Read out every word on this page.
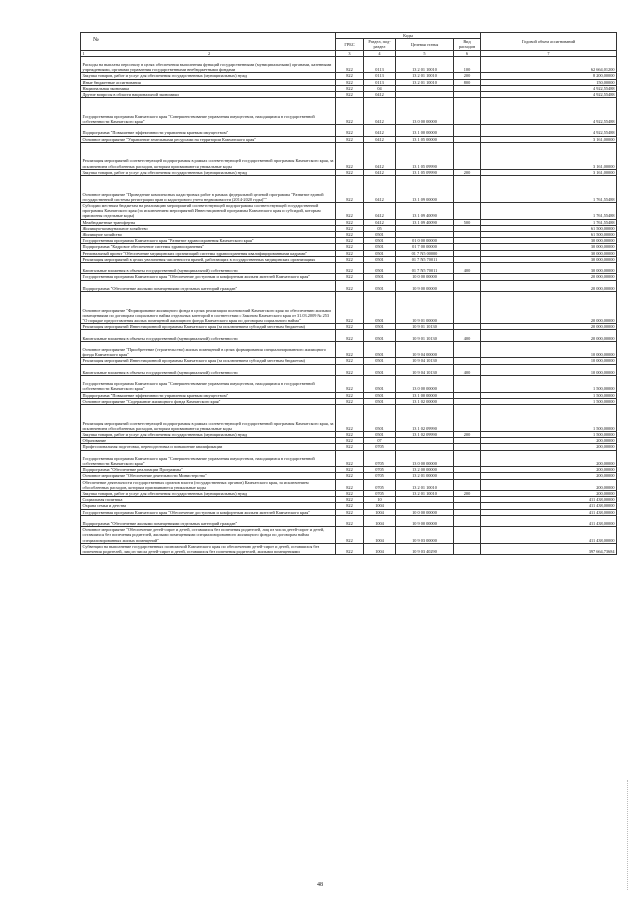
№
	Коды				Годовой объем ассигнований
	ГРБС	Раздел, под-раздел	Целевая статья	Вид расходов	

1 2	3	4	5	6	7
Расходы на выплаты персоналу в целях обеспечения выполнения функций государственными (муниципальными) органами, казенными учреждениями, органами управления государственными внебюджетными фондами	822	0113	13 2 01 10010	100	62 664,01200
Закупка товаров, работ и услуг для обеспечения государственных (муниципальных) нужд	822	0113	13 2 01 10010	200	8 200,00000
Иные бюджетные ассигнования	822	0113	13 2 01 10010	800	150,00000
Национальная экономика	822	04			4 922,55488
Другие вопросы в области национальной экономики	822	0412			4 922,55488
Государственная программа Камчатского края "Совершенствование управления имуществом, находящимся в государственной собственности Камчатского края"	822	0412	13 0 00 00000		4 922,55488
Подпрограмма "Повышение эффективности управления краевым имуществом"	822	0412	13 1 00 00000		4 922,55488
Основное мероприятие "Управление земельными ресурсами на территории Камчатского края"	822	0412	13 1 05 00000		3 161,00000
Реализация мероприятий соответствующей подпрограммы в рамках соответствующей государственной программы Камчатского края, за исключением обособленных расходов, которым присваиваются уникальные коды	822	0412	13 1 05 09990		3 161,00000
Закупка товаров, работ и услуг для обеспечения государственных (муниципальных) нужд	822	0412	13 1 05 09990	200	3 161,00000
Основное мероприятие "Проведение комплексных кадастровых работ в рамках федеральной целевой программы "Развитие единой государственной системы регистрации прав и кадастрового учета недвижимости (2014-2020 годы)""	822	0412	13 1 09 00000		1 761,55488
Субсидии местным бюджетам на реализацию мероприятий соответствующей подпрограммы соответствующей государственной программы Камчатского края (за исключением мероприятий Инвестиционной программы Камчатского края и субсидий, которым присвоены отдельные коды)	822	0412	13 1 09 40090		1 761,55488
Межбюджетные трансферты	822	0412	13 1 09 40090	500	1 761,55488
Жилищно-коммунальное хозяйство	822	05			61 500,00000
Жилищное хозяйство	822	0501			61 500,00000
Государственная программа Камчатского края "Развитие здравоохранения Камчатского края"	822	0501	01 0 00 00000		30 000,00000
Подпрограмма "Кадровое обеспечение системы здравоохранения"	822	0501	01 7 00 00000		30 000,00000
Региональный проект "Обеспечение медицинских организаций системы здравоохранения квалифицированными кадрами"	822	0501	01 7 N5 00000		30 000,00000
Реализация мероприятий в целях увеличения численности врачей, работающих в государственных медицинских организациях	822	0501	01 7 N5 70011		30 000,00000
Капитальные вложения в объекты государственной (муниципальной) собственности	822	0501	01 7 N5 70011	400	30 000,00000
Государственная программа Камчатского края "Обеспечение доступным и комфортным жильем жителей Камчатского края"	822	0501	10 0 00 00000		20 000,00000
Подпрограмма "Обеспечение жилыми помещениями отдельных категорий граждан"	822	0501	10 9 00 00000		20 000,00000
Основное мероприятие "Формирование жилищного фонда в целях реализации полномочий Камчатского края по обеспечению жилыми помещениями по договорам социального найма отдельных категорий в соответствии с Законом Камчатского края от 31.03.2009 № 253 "О порядке предоставления жилых помещений жилищного фонда Камчатского края по договорам социального найма"	822	0501	10 9 01 00000		20 000,00000
Реализация мероприятий Инвестиционной программы Камчатского края (за исключением субсидий местным бюджетам)	822	0501	10 9 01 10130		20 000,00000
Капитальные вложения в объекты государственной (муниципальной) собственности	822	0501	10 9 01 10130	400	20 000,00000
Основное мероприятие "Приобретение (строительство) жилых помещений в целях формирования специализированного жилищного фонда Камчатского края"	822	0501	10 9 04 00000		10 000,00000
Реализация мероприятий Инвестиционной программы Камчатского края (за исключением субсидий местным бюджетам)	822	0501	10 9 04 10130		10 000,00000
Капитальные вложения в объекты государственной (муниципальной) собственности	822	0501	10 9 04 10130	400	10 000,00000
Государственная программа Камчатского края "Совершенствование управления имуществом, находящимся в государственной собственности Камчатского края"	822	0501	13 0 00 00000		1 500,00000
Подпрограмма "Повышение эффективности управления краевым имуществом"	822	0501	13 1 00 00000		1 500,00000
Основное мероприятие "Содержание жилищного фонда Камчатского края"	822	0501	13 1 02 00000		1 500,00000
Реализация мероприятий соответствующей подпрограммы в рамках соответствующей государственной программы Камчатского края, за исключением обособленных расходов, которым присваиваются уникальные коды	822	0501	13 1 02 09990		1 500,00000
Закупка товаров, работ и услуг для обеспечения государственных (муниципальных) нужд	822	0501	13 1 02 09990	200	1 500,00000
Образование	822	07			200,00000
Профессиональная подготовка, переподготовка и повышение квалификации	822	0705			200,00000
Государственная программа Камчатского края "Совершенствование управления имуществом, находящимся в государственной собственности Камчатского края"	822	0705	13 0 00 00000		200,00000
Подпрограмма "Обеспечение реализации Программы"	822	0705	13 2 00 00000		200,00000
Основное мероприятие "Обеспечение деятельности Министерства"	822	0705	13 2 01 00000		200,00000
Обеспечение деятельности государственных органов власти (государственных органов) Камчатского края, за исключением обособленных расходов, которым присваиваются уникальные коды	822	0705	13 2 01 10010		200,00000
Закупка товаров, работ и услуг для обеспечения государственных (муниципальных) нужд	822	0705	13 2 01 10010	200	200,00000
Социальная политика	822	10			411 438,00000
Охрана семьи и детства	822	1004			411 438,00000
Государственная программа Камчатского края "Обеспечение доступным и комфортным жильем жителей Камчатского края"	822	1004	10 0 00 00000		411 438,00000
Подпрограмма "Обеспечение жилыми помещениями отдельных категорий граждан"	822	1004	10 9 00 00000		411 438,00000
Основное мероприятие "Обеспечение детей-сирот и детей, оставшихся без попечения родителей, лиц из числа детей-сирот и детей, оставшихся без попечения родителей, жилыми помещениями специализированного жилищного фонда по договорам найма специализированных жилых помещений"	822	1004	10 9 03 00000		411 438,00000
Субвенции на выполнение государственных полномочий Камчатского края по обеспечению детей-сирот и детей, оставшихся без попечения родителей, лиц из числа детей-сирот и детей, оставшихся без попечения родителей, жилыми помещениями	822	1004	10 9 03 40290		397 664,73684
48
